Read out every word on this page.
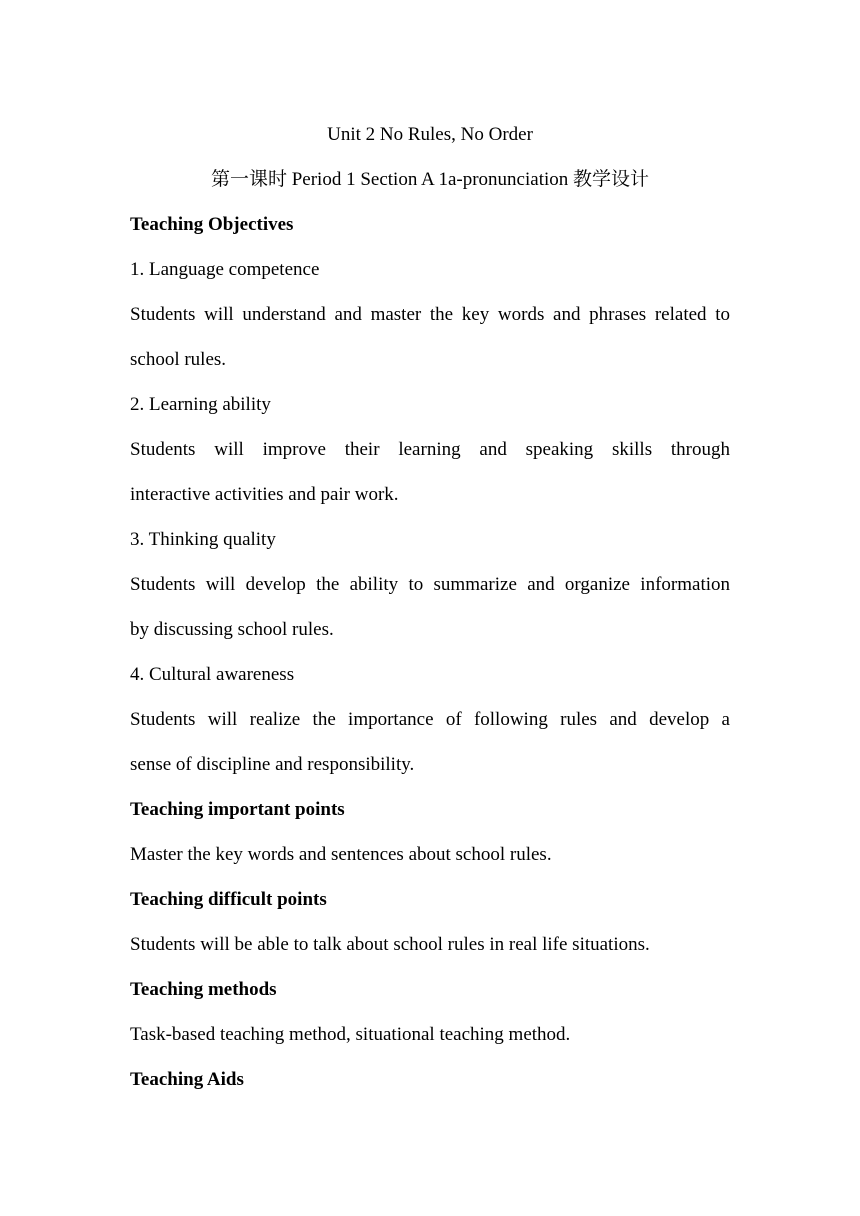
Unit 2 No Rules, No Order
第一课时 Period 1 Section A 1a-pronunciation 教学设计
Teaching Objectives
1. Language competence
Students will understand and master the key words and phrases related to
school rules.
2. Learning ability
Students will improve their learning and speaking skills through
interactive activities and pair work.
3. Thinking quality
Students will develop the ability to summarize and organize information
by discussing school rules.
4. Cultural awareness
Students will realize the importance of following rules and develop a
sense of discipline and responsibility.
Teaching important points
Master the key words and sentences about school rules.
Teaching difficult points
Students will be able to talk about school rules in real life situations.
Teaching methods
Task-based teaching method, situational teaching method.
Teaching Aids
